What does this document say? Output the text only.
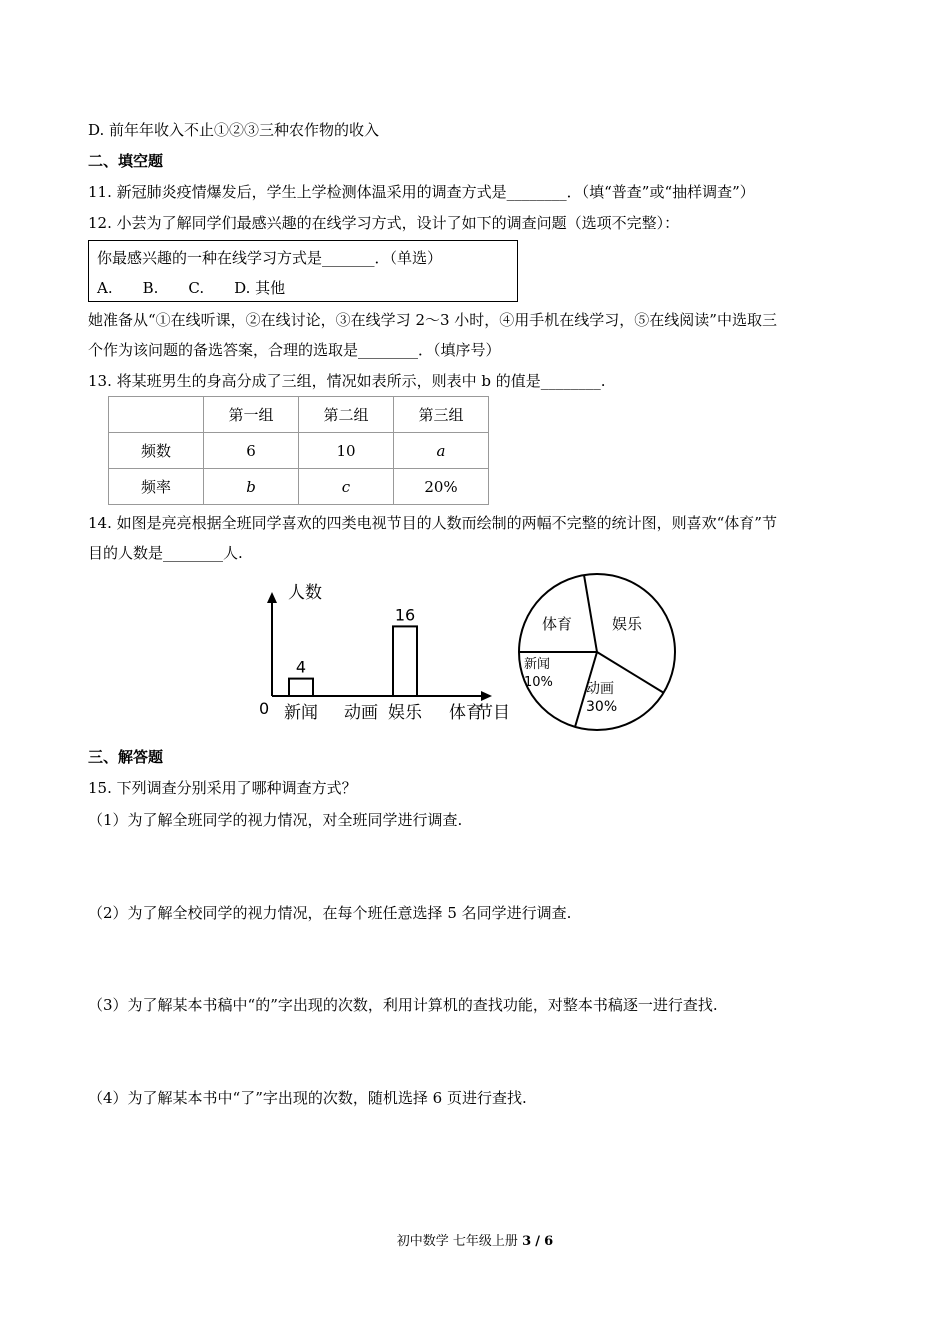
D. 前年年收入不止①②③三种农作物的收入
二、填空题
11. 新冠肺炎疫情爆发后，学生上学检测体温采用的调查方式是________．（填“普查”或“抽样调查”）
12. 小芸为了解同学们最感兴趣的在线学习方式，设计了如下的调查问题（选项不完整）：
你最感兴趣的一种在线学习方式是_______．（单选）
A.　　B.　　C.　　D. 其他
她准备从“①在线听课，②在线讨论，③在线学习 2～3 小时，④用手机在线学习，⑤在线阅读”中选取三
个作为该问题的备选答案，合理的选取是________．（填序号）
13. 将某班男生的身高分成了三组，情况如表所示，则表中 b 的值是________.
	第一组	第二组	第三组
频数	6	10	a
频率	b	c	20%
14. 如图是亮亮根据全班同学喜欢的四类电视节目的人数而绘制的两幅不完整的统计图，则喜欢“体育”节
目的人数是________人.
人数
0	节目
新闻
4
动画 娱乐
16
体育
体育	娱乐
动画
30%
新闻
10%
三、解答题
15. 下列调查分别采用了哪种调查方式？
（1）为了解全班同学的视力情况，对全班同学进行调查.
（2）为了解全校同学的视力情况，在每个班任意选择 5 名同学进行调查.
（3）为了解某本书稿中“的”字出现的次数，利用计算机的查找功能，对整本书稿逐一进行查找.
（4）为了解某本书中“了”字出现的次数，随机选择 6 页进行查找.
初中数学 七年级上册 3 / 6
